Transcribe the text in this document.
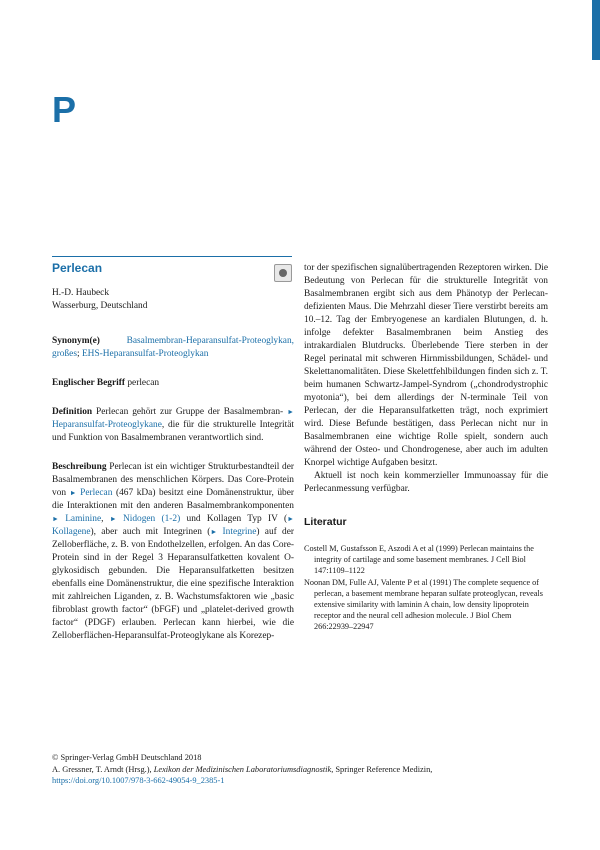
P
Perlecan

H.-D. Haubeck

Wasserburg, Deutschland

Synonym(e)	Basalmembran-Heparansulfat-Proteoglykan, großes; EHS-Heparansulfat-Proteoglykan

Englischer Begriff perlecan

Definition Perlecan gehört zur Gruppe der Basalmembran- ► Heparansulfat-Proteoglykane, die für die strukturelle Integrität und Funktion von Basalmembranen verantwortlich sind.

Beschreibung Perlecan ist ein wichtiger Strukturbestandteil der Basalmembranen des menschlichen Körpers. Das Core-Protein von ► Perlecan (467 kDa) besitzt eine Domänenstruktur, über die Interaktionen mit den anderen Basalmembrankomponenten ► Laminine, ► Nidogen (1-2) und Kollagen Typ IV (► Kollagene), aber auch mit Integrinen (► Integrine) auf der Zelloberfläche, z. B. von Endothelzellen, erfolgen. An das Core-Protein sind in der Regel 3 Heparansulfatketten kovalent O-glykosidisch gebunden. Die Heparansulfatketten besitzen ebenfalls eine Domänenstruktur, die eine spezifische Interaktion mit zahlreichen Liganden, z. B. Wachstumsfaktoren wie „basic fibroblast growth factor“ (bFGF) und „platelet-derived growth factor“ (PDGF) erlauben. Perlecan kann hierbei, wie die Zelloberflächen-Heparansulfat-Proteoglykane als Korezep-

tor der spezifischen signalübertragenden Rezeptoren wirken. Die Bedeutung von Perlecan für die strukturelle Integrität von Basalmembranen ergibt sich aus dem Phänotyp der Perlecan-defizienten Maus. Die Mehrzahl dieser Tiere verstirbt bereits am 10.–12. Tag der Embryogenese an kardialen Blutungen, d. h. infolge defekter Basalmembranen beim Anstieg des intrakardialen Blutdrucks. Überlebende Tiere sterben in der Regel perinatal mit schweren Hirnmissbildungen, Schädel- und Skelettanomalitäten. Diese Skelettfehlbildungen finden sich z. T. beim humanen Schwartz-Jampel-Syndrom („chondrodystrophic myotonia“), bei dem allerdings der N-terminale Teil von Perlecan, der die Heparansulfatketten trägt, noch exprimiert wird. Diese Befunde bestätigen, dass Perlecan nicht nur in Basalmembranen eine wichtige Rolle spielt, sondern auch während der Osteo- und Chondrogenese, aber auch im adulten Knorpel wichtige Aufgaben besitzt.

Aktuell ist noch kein kommerzieller Immunoassay für die Perlecanmessung verfügbar.

Literatur

Costell M, Gustafsson E, Aszodi A et al (1999) Perlecan maintains the integrity of cartilage and some basement membranes. J Cell Biol 147:1109–1122

Noonan DM, Fulle AJ, Valente P et al (1991) The complete sequence of perlecan, a basement membrane heparan sulfate proteoglycan, reveals extensive similarity with laminin A chain, low density lipoprotein receptor and the neural cell adhesion molecule. J Biol Chem 266:22939–22947

© Springer-Verlag GmbH Deutschland 2018
A. Gressner, T. Arndt (Hrsg.), Lexikon der Medizinischen Laboratoriumsdiagnostik, Springer Reference Medizin,
https://doi.org/10.1007/978-3-662-49054-9_2385-1
